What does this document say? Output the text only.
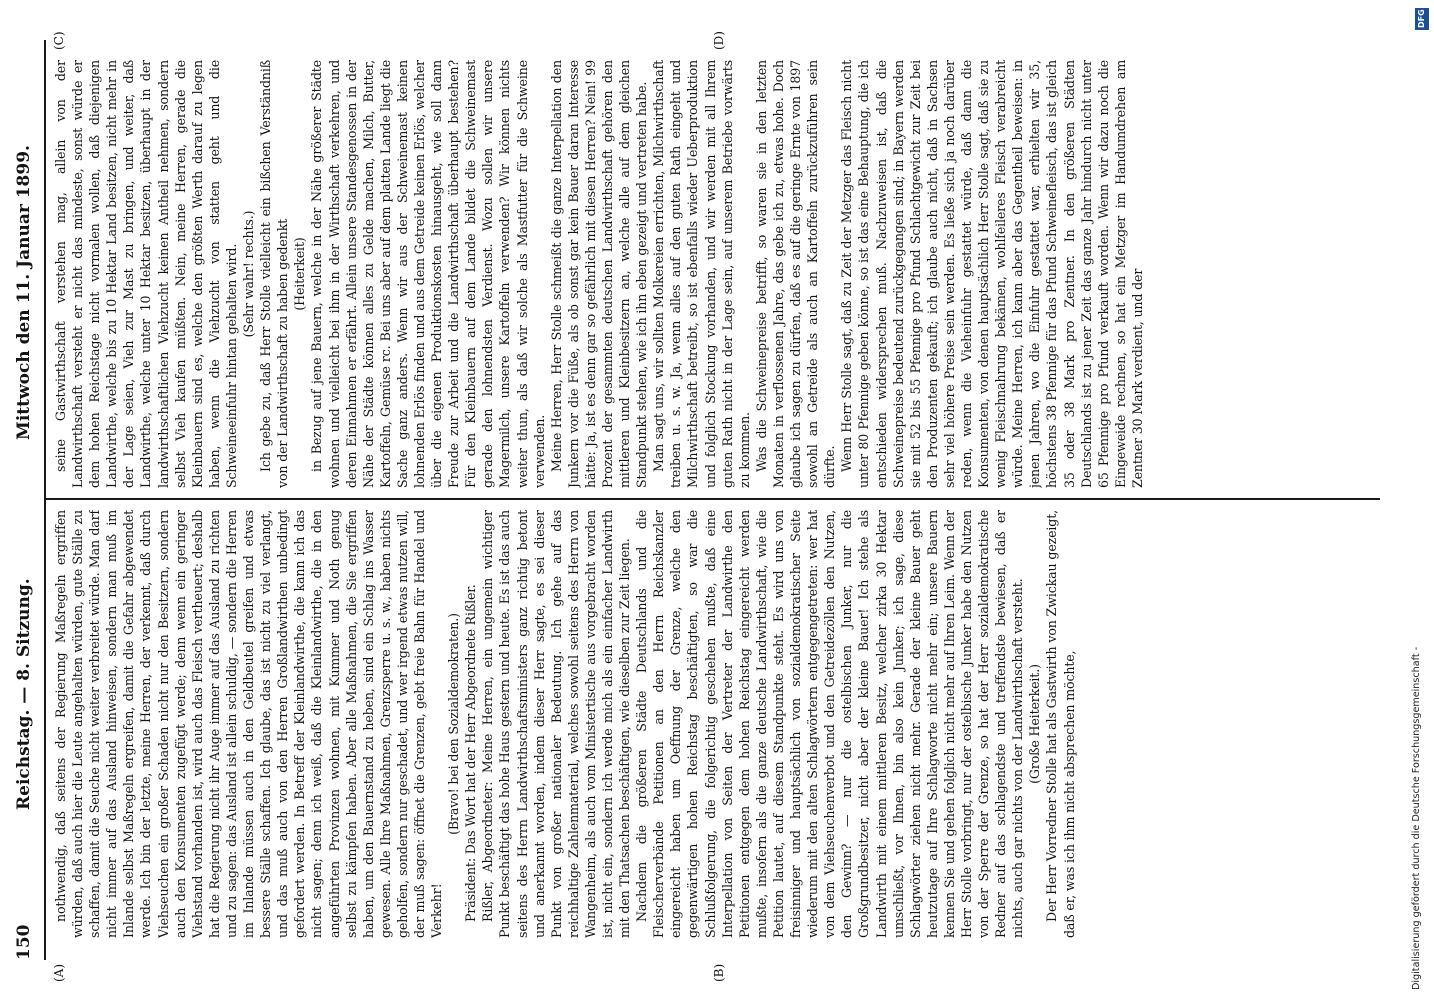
150
Reichstag. — 8. Sitzung.
Mittwoch den 11. Januar 1899.
(A)	(B)
(C)	(D)

nothwendig, daß seitens der Regierung Maßregeln ergriffen würden, daß auch hier die Leute angehalten würden, gute Ställe zu schaffen, damit die Seuche nicht weiter verbreitet würde. Man darf nicht immer auf das Ausland hinweisen, sondern man muß im Inlande selbst Maßregeln ergreifen, damit die Gefahr abgewendet werde. Ich bin der letzte, meine Herren, der verkennt, daß durch Viehseuchen ein großer Schaden nicht nur den Besitzern, sondern auch den Konsumenten zugefügt werde; denn wenn ein geringer Viehstand vorhanden ist, wird auch das Fleisch vertheuert; deshalb hat die Regierung nicht ihr Auge immer auf das Ausland zu richten und zu sagen: das Ausland ist allein schuldig, — sondern die Herren im Inlande müssen auch in den Geldbeutel greifen und etwas bessere Ställe schaffen. Ich glaube, das ist nicht zu viel verlangt, und das muß auch von den Herren Großlandwirthen unbedingt gefordert werden. In Betreff der Kleinlandwirthe, die kann ich das nicht sagen; denn ich weiß, daß die Kleinlandwirthe, die in den angeführten Provinzen wohnen, mit Kummer und Noth genug selbst zu kämpfen haben. Aber alle Maßnahmen, die Sie ergriffen haben, um den Bauernstand zu heben, sind ein Schlag ins Wasser gewesen. Alle Ihre Maßnahmen, Grenzsperre u. s. w., haben nichts geholfen, sondern nur geschadet, und wer irgend etwas nutzen will, der muß sagen: öffnet die Grenzen, gebt freie Bahn für Handel und Verkehr!

(Bravo! bei den Sozialdemokraten.) Präsident: Das Wort hat der Herr Abgeordnete Rißler. Rißler, Abgeordneter: Meine Herren, ein ungemein wichtiger Punkt beschäftigt das hohe Haus gestern und heute. Es ist das auch seitens des Herrn Landwirthschaftsministers ganz richtig betont und anerkannt worden, indem dieser Herr sagte, es sei dieser Punkt von großer nationaler Bedeutung. Ich gehe auf das reichhaltige Zahlenmaterial, welches sowohl seitens des Herrn von Wangenheim, als auch vom Ministertische aus vorgebracht worden ist, nicht ein, sondern ich werde mich als ein einfacher Landwirth mit den Thatsachen beschäftigen, wie dieselben zur Zeit liegen. Nachdem die größeren Städte Deutschlands und die Fleischerverbände Petitionen an den Herrn Reichskanzler eingereicht haben um Oeffnung der Grenze, welche den gegenwärtigen hohen Reichstag beschäftigten, so war die Schlußfolgerung, die folgerichtig geschehen mußte, daß eine Interpellation von Seiten der Vertreter der Landwirthe den Petitionen entgegen dem hohen Reichstag eingereicht werden mußte, insofern als die ganze deutsche Landwirthschaft, wie die Petition lautet, auf diesem Standpunkte steht. Es wird uns von freisinniger und hauptsächlich von sozialdemokratischer Seite wiederum mit den alten Schlagwörtern entgegengetreten: wer hat von dem Viehseuchenverbot und den Getreidezöllen den Nutzen, den Gewinn? — nur die ostelbischen Junker, nur die Großgrundbesitzer, nicht aber der kleine Bauer! Ich stehe als Landwirth mit einem mittleren Besitz, welcher zirka 30 Hektar umschließt, vor Ihnen, bin also kein Junker; ich sage, diese Schlagwörter ziehen nicht mehr. Gerade der kleine Bauer geht heutzutage auf Ihre Schlagworte nicht mehr ein; unsere Bauern kennen Sie und gehen folglich nicht mehr auf Ihren Leim. Wenn der Herr Stolle vorbringt, nur der ostelbische Junker habe den Nutzen von der Sperre der Grenze, so hat der Herr sozialdemokratische Redner auf das schlagendste und treffendste bewiesen, daß er nichts, auch gar nichts von der Landwirthschaft versteht. (Große Heiterkeit.) Der Herr Vorredner Stolle hat als Gastwirth von Zwickau gezeigt, daß er, was ich ihm nicht absprechen möchte,

seine Gastwirthschaft verstehen mag, allein von der Landwirthschaft versteht er nicht das mindeste, sonst würde er dem hohen Reichstage nicht vormalen wollen, daß diejenigen Landwirthe, welche bis zu 10 Hektar Land besitzen, nicht mehr in der Lage seien, Vieh zur Mast zu bringen, und weiter, daß Landwirthe, welche unter 10 Hektar besitzen, überhaupt in der landwirthschaftlichen Viehzucht keinen Antheil nehmen, sondern selbst Vieh kaufen müßten. Nein, meine Herren, gerade die Kleinbauern sind es, welche den größten Werth darauf zu legen haben, wenn die Viehzucht von statten geht und die Schweineeinfuhr hintan gehalten wird. (Sehr wahr! rechts.) Ich gebe zu, daß Herr Stolle vielleicht ein bißchen Verständniß von der Landwirthschaft zu haben gedenkt (Heiterkeit) in Bezug auf jene Bauern, welche in der Nähe größerer Städte wohnen und vielleicht bei ihm in der Wirthschaft verkehren, und deren Einnahmen er erfährt. Allein unsere Standesgenossen in der Nähe der Städte können alles zu Gelde machen, Milch, Butter, Kartoffeln, Gemüse rc. Bei uns aber auf dem platten Lande liegt die Sache ganz anders. Wenn wir aus der Schweinemast keinen lohnenden Erlös finden und aus dem Getreide keinen Erlös, welcher über die eigenen Produktionskosten hinausgeht, wie soll dann Freude zur Arbeit und die Landwirthschaft überhaupt bestehen? Für den Kleinbauern auf dem Lande bildet die Schweinemast gerade den lohnendsten Verdienst. Wozu sollen wir unsere Magermilch, unsere Kartoffeln verwenden? Wir können nichts weiter thun, als daß wir solche als Mastfutter für die Schweine verwenden. Meine Herren, Herr Stolle schmeißt die ganze Interpellation den Junkern vor die Füße, als ob sonst gar kein Bauer daran Interesse hätte: Ja, ist es denn gar so gefährlich mit diesen Herren? Nein! 99 Prozent der gesammten deutschen Landwirthschaft gehören den mittleren und Kleinbesitzern an, welche alle auf dem gleichen Standpunkt stehen, wie ich ihn eben gezeigt und vertreten habe. Man sagt uns, wir sollten Molkereien errichten, Milchwirthschaft treiben u. s. w. Ja, wenn alles auf den guten Rath eingeht und Milchwirthschaft betreibt, so ist ebenfalls wieder Ueberproduktion und folglich Stockung vorhanden, und wir werden mit all Ihrem guten Rath nicht in der Lage sein, auf unserem Betriebe vorwärts zu kommen. Was die Schweinepreise betrifft, so waren sie in den letzten Monaten in verflossenen Jahre, das gebe ich zu, etwas hohe. Doch glaube ich sagen zu dürfen, daß es auf die geringe Ernte von 1897 sowohl an Getreide als auch an Kartoffeln zurückzuführen sein dürfte. Wenn Herr Stolle sagt, daß zu Zeit der Metzger das Fleisch nicht unter 80 Pfennige geben könne, so ist das eine Behauptung, die ich entschieden widersprechen muß. Nachzuweisen ist, daß die Schweinepreise bedeutend zurückgegangen sind; in Bayern werden sie mit 52 bis 55 Pfennige pro Pfund Schlachtgewicht zur Zeit bei den Produzenten gekauft; ich glaube auch nicht, daß in Sachsen sehr viel höhere Preise sein werden. Es ließe sich ja noch darüber reden, wenn die Vieheinfuhr gestattet würde, daß dann die Konsumenten, von denen hauptsächlich Herr Stolle sagt, daß sie zu wenig Fleischnahrung bekämen, wohlfeileres Fleisch verabreicht würde. Meine Herren, ich kann aber das Gegentheil beweisen: in jenen Jahren, wo die Einfuhr gestattet war, erhielten wir 35, höchstens 38 Pfennige für das Pfund Schweinefleisch, das ist gleich 35 oder 38 Mark pro Zentner. In den größeren Städten Deutschlands ist zu jener Zeit das ganze Jahr hindurch nicht unter 65 Pfennige pro Pfund verkauft worden. Wenn wir dazu noch die Eingeweide rechnen, so hat ein Metzger im Handumdrehen am Zentner 30 Mark verdient, und der

Digitalisierung gefördert durch die Deutsche Forschungsgemeinschaft -
DFG
